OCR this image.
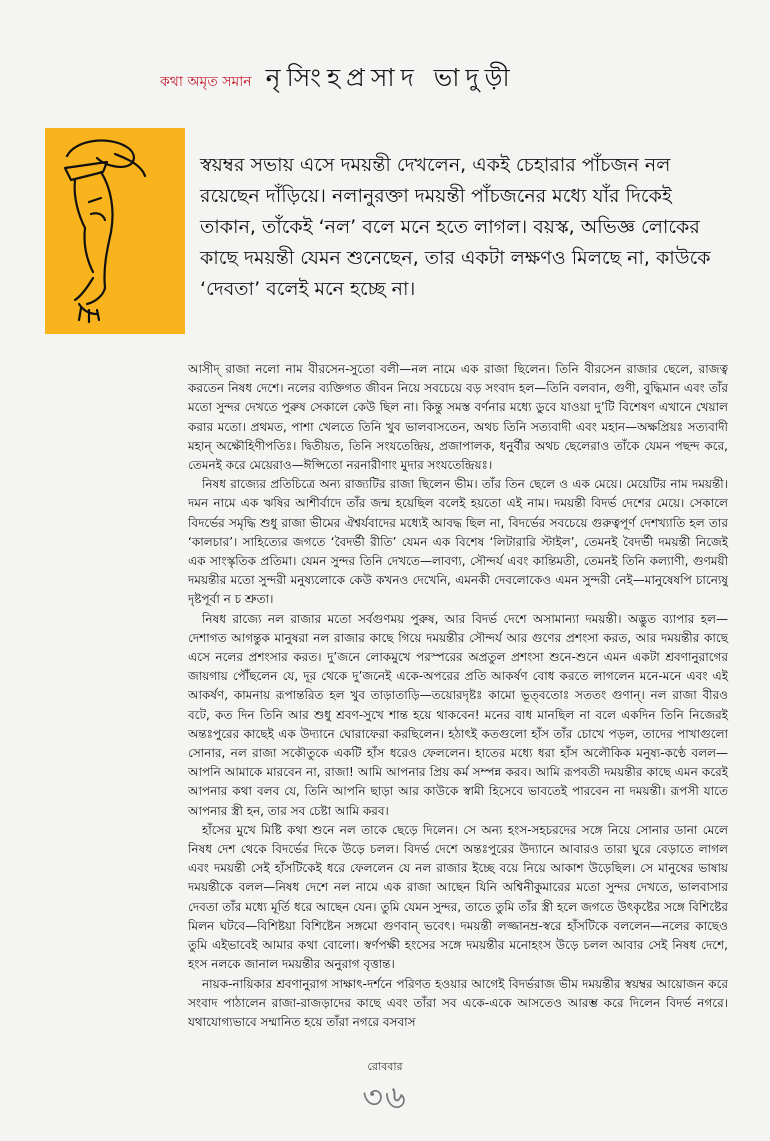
কথা অমৃত সমান নৃসিংহপ্রসাদ ভাদুড়ী

স্বয়ম্বর সভায় এসে দময়ন্তী দেখলেন, একই চেহারার পাঁচজন নল রয়েছেন দাঁড়িয়ে। নলানুরক্তা দময়ন্তী পাঁচজনের মধ্যে যাঁর দিকেই তাকান, তাঁকেই ‘নল’ বলে মনে হতে লাগল। বয়স্ক, অভিজ্ঞ লোকের কাছে দময়ন্তী যেমন শুনেছেন, তার একটা লক্ষণও মিলছে না, কাউকে ‘দেবতা’ বলেই মনে হচ্ছে না।

আসীদ্‌ রাজা নলো নাম বীরসেন-সুতো বলী—নল নামে এক রাজা ছিলেন। তিনি বীরসেন রাজার ছেলে, রাজত্ব করতেন নিষধ দেশে। নলের ব্যক্তিগত জীবন নিয়ে সবচেয়ে বড় সংবাদ হল—তিনি বলবান, গুণী, বুদ্ধিমান এবং তাঁর মতো সুন্দর দেখতে পুরুষ সেকালে কেউ ছিল না। কিন্তু সমস্ত বর্ণনার মধ্যে ডুবে যাওয়া দু’টি বিশেষণ এখানে খেয়াল করার মতো। প্রথমত, পাশা খেলতে তিনি খুব ভালবাসতেন, অথচ তিনি সত্যবাদী এবং মহান—অক্ষপ্রিয়ঃ সত্যবাদী মহান্‌ অক্ষৌহিণীপতিঃ। দ্বিতীয়ত, তিনি সংযতেন্দ্রিয়, প্রজাপালক, ধনুর্বীর অথচ ছেলেরাও তাঁকে যেমন পছন্দ করে, তেমনই করে মেয়েরাও—ঈপ্সিতো নরনারীণাং মুদার সংযতেন্দ্রিয়ঃ।

নিষধ রাজ্যের প্রতিচিত্রে অন্য রাজ্যটির রাজা ছিলেন ভীম। তাঁর তিন ছেলে ও এক মেয়ে। মেয়েটির নাম দময়ন্তী। দমন নামে এক ঋষির আশীর্বাদে তাঁর জন্ম হয়েছিল বলেই হয়তো এই নাম। দময়ন্তী বিদর্ভ দেশের মেয়ে। সেকালে বিদর্ভের সমৃদ্ধি শুধু রাজা ভীমের ঐশ্বর্যবাদের মধ্যেই আবদ্ধ ছিল না, বিদর্ভের সবচেয়ে গুরুত্বপূর্ণ দেশখ্যাতি হল তার ‘কালচার’। সাহিত্যের জগতে ‘বৈদর্ভী রীতি’ যেমন এক বিশেষ ‘লিটারারি স্টাইল’, তেমনই বৈদর্ভী দময়ন্তী নিজেই এক সাংস্কৃতিক প্রতিমা। যেমন সুন্দর তিনি দেখতে—লাবণ্য, সৌন্দর্য এবং কান্তিমতী, তেমনই তিনি কল্যাণী, গুণময়ী দময়ন্তীর মতো সুন্দরী মনুষ্যলোকে কেউ কখনও দেখেনি, এমনকী দেবলোকেও এমন সুন্দরী নেই—মানুষেষপি চান্যেষু দৃষ্টপূর্বা ন চ শ্রুতা।

নিষধ রাজ্যে নল রাজার মতো সর্বগুণময় পুরুষ, আর বিদর্ভ দেশে অসামান্যা দময়ন্তী। অদ্ভুত ব্যাপার হল—দেশাগত আগন্তুক মানুষরা নল রাজার কাছে গিয়ে দময়ন্তীর সৌন্দর্য আর গুণের প্রশংসা করত, আর দময়ন্তীর কাছে এসে নলের প্রশংসার করত। দু’জনে লোকমুখে পরস্পরের অপ্রতুল প্রশংসা শুনে-শুনে এমন একটা শ্রবণানুরাগের জায়গায় পৌঁছলেন যে, দূর থেকে দু’জনেই একে-অপরের প্রতি আকর্ষণ বোধ করতে লাগলেন মনে-মনে এবং এই আকর্ষণ, কামনায় রূপান্তরিত হল খুব তাড়াতাড়ি—তয়োরদৃষ্টঃ কামো ভূত্‌বতোঃ সততং গুণান্‌। নল রাজা বীরও বটে, কত দিন তিনি আর শুধু শ্রবণ-সুখে শান্ত হয়ে থাকবেন! মনের বাধ মানছিল না বলে একদিন তিনি নিজেরই অন্তঃপুরের কাছেই এক উদ্যানে ঘোরাফেরা করছিলেন। হঠাৎই কতগুলো হাঁস তাঁর চোখে পড়ল, তাদের পাখাগুলো সোনার, নল রাজা সকৌতুকে একটি হাঁস ধরেও ফেললেন। হাতের মধ্যে ধরা হাঁস অলৌকিক মনুষ্য-কণ্ঠে বলল—আপনি আমাকে মারবেন না, রাজা! আমি আপনার প্রিয় কর্ম সম্পন্ন করব। আমি রূপবতী দময়ন্তীর কাছে এমন করেই আপনার কথা বলব যে, তিনি আপনি ছাড়া আর কাউকে স্বামী হিসেবে ভাবতেই পারবেন না দময়ন্তী। রূপসী যাতে আপনার স্ত্রী হন, তার সব চেষ্টা আমি করব।

হাঁসের মুখে মিষ্টি কথা শুনে নল তাকে ছেড়ে দিলেন। সে অন্য হংস-সহচরদের সঙ্গে নিয়ে সোনার ডানা মেলে নিষধ দেশ থেকে বিদর্ভের দিকে উড়ে চলল। বিদর্ভ দেশে অন্তঃপুরের উদ্যানে আবারও তারা ঘুরে বেড়াতে লাগল এবং দময়ন্তী সেই হাঁসটিকেই ধরে ফেললেন যে নল রাজার ইচ্ছে বয়ে নিয়ে আকাশ উড়েছিল। সে মানুষের ভাষায় দময়ন্তীকে বলল—নিষধ দেশে নল নামে এক রাজা আছেন যিনি অশ্বিনীকুমারের মতো সুন্দর দেখতে, ভালবাসার দেবতা তাঁর মধ্যে মূর্তি ধরে আছেন যেন। তুমি যেমন সুন্দর, তাতে তুমি তাঁর স্ত্রী হলে জগতে উৎকৃষ্টের সঙ্গে বিশিষ্টের মিলন ঘটবে—বিশিষ্টয়া বিশিষ্টেন সঙ্গমো গুণবান্‌ ভবেৎ। দময়ন্তী লজ্জানম্র-স্বরে হাঁসটিকে বললেন—নলের কাছেও তুমি এইভাবেই আমার কথা বোলো। স্বর্ণপক্ষী হংসের সঙ্গে দময়ন্তীর মনোহংস উড়ে চলল আবার সেই নিষধ দেশে, হংস নলকে জানাল দময়ন্তীর অনুরাগ বৃত্তান্ত।

নায়ক-নায়িকার শ্রবণানুরাগ সাক্ষাৎ-দর্শনে পরিণত হওয়ার আগেই বিদর্ভরাজ ভীম দময়ন্তীর স্বয়ম্বর আয়োজন করে সংবাদ পাঠালেন রাজা-রাজড়াদের কাছে এবং তাঁরা সব একে-একে আসতেও আরম্ভ করে দিলেন বিদর্ভ নগরে। যথাযোগ্যভাবে সম্মানিত হয়ে তাঁরা নগরে বসবাস

রোববার
৩৬
